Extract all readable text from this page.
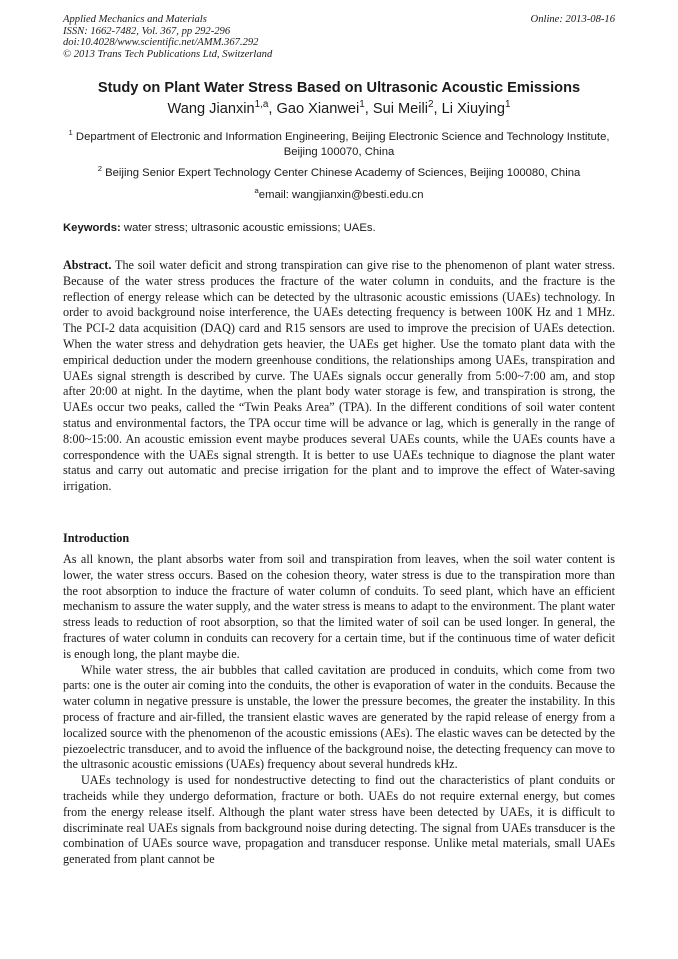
Applied Mechanics and Materials
ISSN: 1662-7482, Vol. 367, pp 292-296
doi:10.4028/www.scientific.net/AMM.367.292
© 2013 Trans Tech Publications Ltd, Switzerland
Online: 2013-08-16
Study on Plant Water Stress Based on Ultrasonic Acoustic Emissions
Wang Jianxin$^{1,a}$, Gao Xianwei$^1$, Sui Meili$^2$, Li Xiuying$^1$
$^1$ Department of Electronic and Information Engineering, Beijing Electronic Science and Technology Institute, Beijing 100070, China
$^2$ Beijing Senior Expert Technology Center Chinese Academy of Sciences, Beijing 100080, China
$^a$email: wangjianxin@besti.edu.cn
Keywords: water stress; ultrasonic acoustic emissions; UAEs.
Abstract. The soil water deficit and strong transpiration can give rise to the phenomenon of plant water stress. Because of the water stress produces the fracture of the water column in conduits, and the fracture is the reflection of energy release which can be detected by the ultrasonic acoustic emissions (UAEs) technology. In order to avoid background noise interference, the UAEs detecting frequency is between 100K Hz and 1 MHz. The PCI-2 data acquisition (DAQ) card and R15 sensors are used to improve the precision of UAEs detection. When the water stress and dehydration gets heavier, the UAEs get higher. Use the tomato plant data with the empirical deduction under the modern greenhouse conditions, the relationships among UAEs, transpiration and UAEs signal strength is described by curve. The UAEs signals occur generally from 5:00~7:00 am, and stop after 20:00 at night. In the daytime, when the plant body water storage is few, and transpiration is strong, the UAEs occur two peaks, called the “Twin Peaks Area” (TPA). In the different conditions of soil water content status and environmental factors, the TPA occur time will be advance or lag, which is generally in the range of 8:00~15:00. An acoustic emission event maybe produces several UAEs counts, while the UAEs counts have a correspondence with the UAEs signal strength. It is better to use UAEs technique to diagnose the plant water status and carry out automatic and precise irrigation for the plant and to improve the effect of Water-saving irrigation.
Introduction

As all known, the plant absorbs water from soil and transpiration from leaves, when the soil water content is lower, the water stress occurs. Based on the cohesion theory, water stress is due to the transpiration more than the root absorption to induce the fracture of water column of conduits. To seed plant, which have an efficient mechanism to assure the water supply, and the water stress is means to adapt to the environment. The plant water stress leads to reduction of root absorption, so that the limited water of soil can be used longer. In general, the fractures of water column in conduits can recovery for a certain time, but if the continuous time of water deficit is enough long, the plant maybe die.

While water stress, the air bubbles that called cavitation are produced in conduits, which come from two parts: one is the outer air coming into the conduits, the other is evaporation of water in the conduits. Because the water column in negative pressure is unstable, the lower the pressure becomes, the greater the instability. In this process of fracture and air-filled, the transient elastic waves are generated by the rapid release of energy from a localized source with the phenomenon of the acoustic emissions (AEs). The elastic waves can be detected by the piezoelectric transducer, and to avoid the influence of the background noise, the detecting frequency can move to the ultrasonic acoustic emissions (UAEs) frequency about several hundreds kHz.

UAEs technology is used for nondestructive detecting to find out the characteristics of plant conduits or tracheids while they undergo deformation, fracture or both. UAEs do not require external energy, but comes from the energy release itself. Although the plant water stress have been detected by UAEs, it is difficult to discriminate real UAEs signals from background noise during detecting. The signal from UAEs transducer is the combination of UAEs source wave, propagation and transducer response. Unlike metal materials, small UAEs generated from plant cannot be
